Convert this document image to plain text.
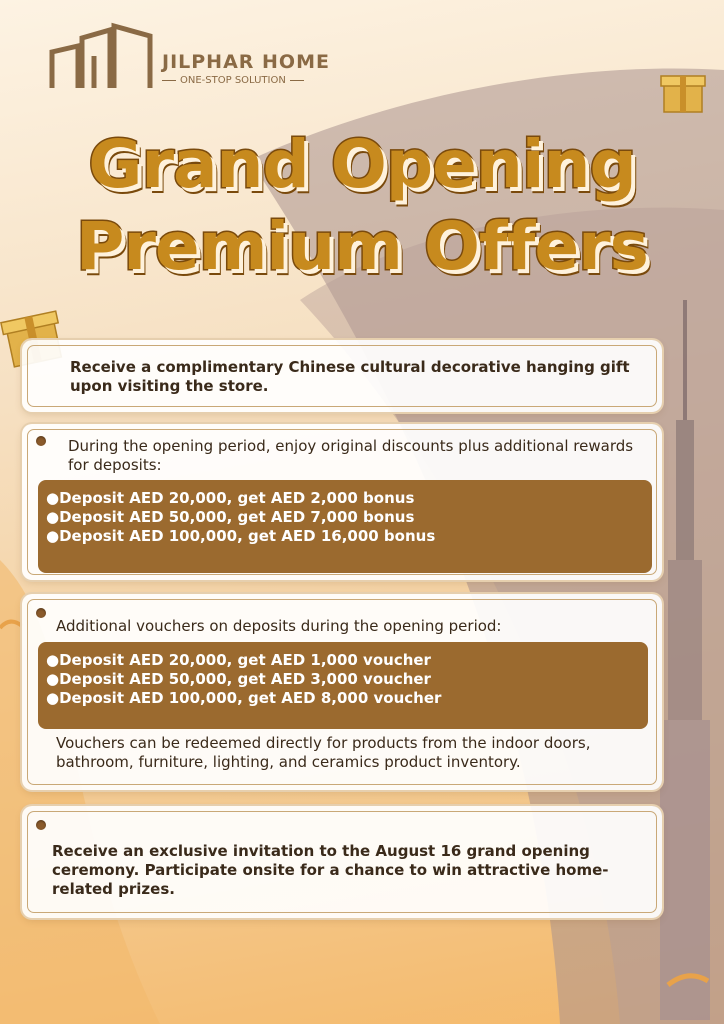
JILPHAR HOME
ONE-STOP SOLUTION
Grand Opening
Premium Offers
Receive a complimentary Chinese cultural decorative hanging gift upon visiting the store.
During the opening period, enjoy original discounts plus additional rewards for deposits:
●Deposit AED 20,000, get AED 2,000 bonus
●Deposit AED 50,000, get AED 7,000 bonus
●Deposit AED 100,000, get AED 16,000 bonus
Additional vouchers on deposits during the opening period:
●Deposit AED 20,000, get AED 1,000 voucher
●Deposit AED 50,000, get AED 3,000 voucher
●Deposit AED 100,000, get AED 8,000 voucher
Vouchers can be redeemed directly for products from the indoor doors, bathroom, furniture, lighting, and ceramics product inventory.
Receive an exclusive invitation to the August 16 grand opening ceremony. Participate onsite for a chance to win attractive home-related prizes.
